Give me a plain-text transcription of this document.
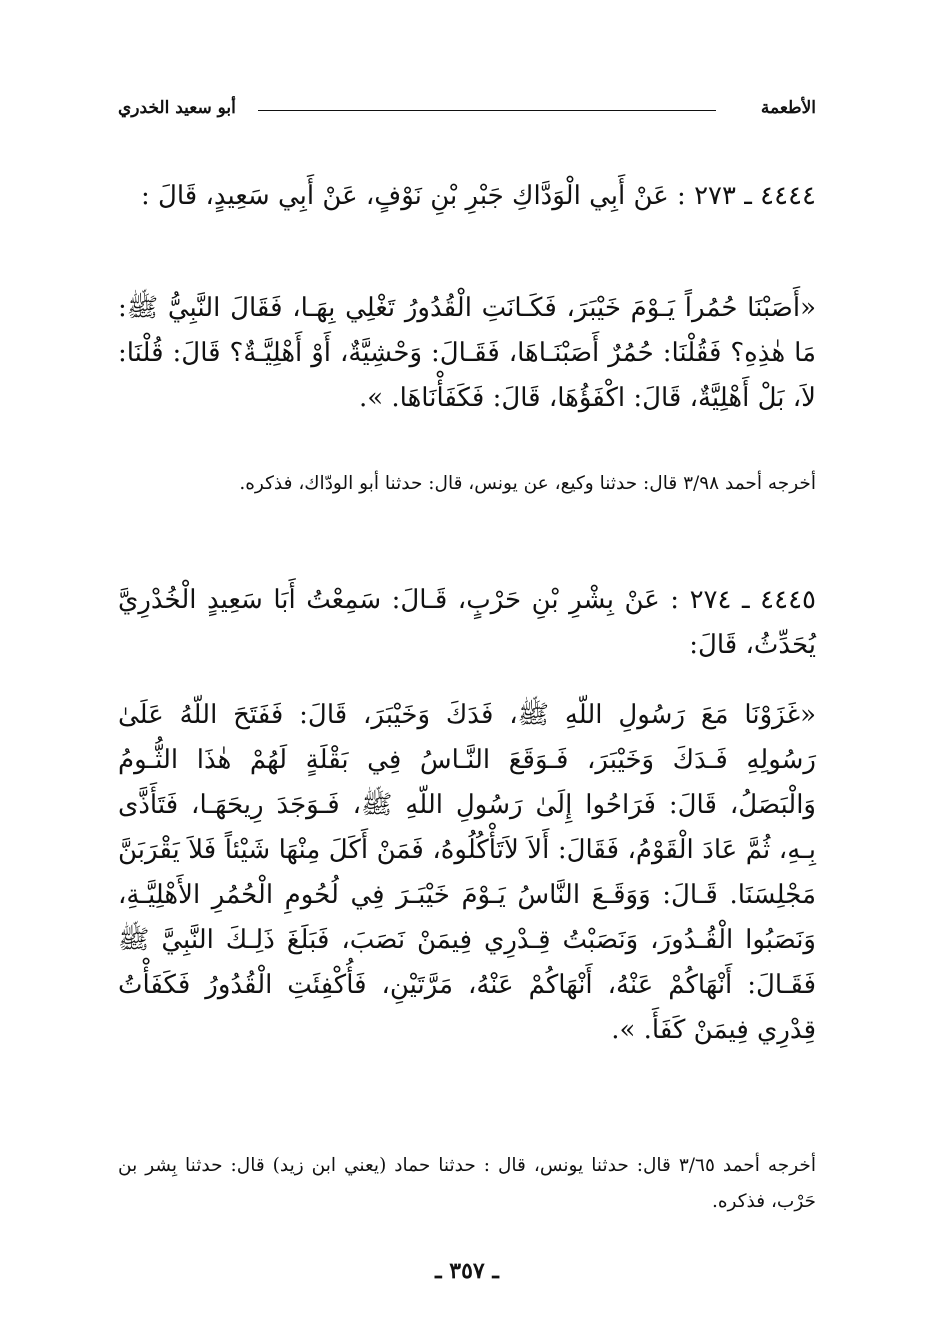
الأطعمة
أبو سعيد الخدري

٤٤٤٤ ـ ٢٧٣ : عَنْ أَبِي الْوَدَّاكِ جَبْرِ بْنِ نَوْفٍ، عَنْ أَبِي سَعِيدٍ، قَالَ :

«أَصَبْنَا حُمُراً يَـوْمَ خَيْبَرَ، فَكَـانَتِ الْقُدُورُ تَغْلِي بِهَـا، فَقَالَ النَّبِيُّ ﷺ: مَا هٰذِهِ؟ فَقُلْنَا: حُمُرٌ أَصَبْنَـاهَا، فَقَـالَ: وَحْشِيَّةٌ، أَوْ أَهْلِيَّـةٌ؟ قَالَ: قُلْنَا: لاَ، بَلْ أَهْلِيَّةٌ، قَالَ: اكْفَؤُهَا، قَالَ: فَكَفَأْنَاهَا. ».

أخرجه أحمد ٣/٩٨ قال: حدثنا وكيع، عن يونس، قال: حدثنا أبو الودّاك، فذكره.

٤٤٤٥ ـ ٢٧٤ : عَنْ بِشْرِ بْنِ حَرْبٍ، قَـالَ: سَمِعْتُ أَبَا سَعِيدٍ الْخُدْرِيَّ يُحَدِّثُ، قَالَ:

«غَزَوْنَا مَعَ رَسُولِ اللّهِ ﷺ، فَدَكَ وَخَيْبَرَ، قَالَ: فَفَتَحَ اللّهُ عَلَىٰ رَسُولِهِ فَـدَكَ وَخَيْبَرَ، فَـوَقَعَ النَّـاسُ فِي بَقْلَةٍ لَهُمْ هٰذَا الثُّـومُ وَالْبَصَلُ، قَالَ: فَرَاحُوا إِلَىٰ رَسُولِ اللّهِ ﷺ، فَـوَجَدَ رِيحَهَـا، فَتَأَذَّى بِـهِ، ثُمَّ عَادَ الْقَوْمُ، فَقَالَ: أَلاَ لاَتَأْكُلُوهُ، فَمَنْ أَكَلَ مِنْهَا شَيْئاً فَلاَ يَقْرَبَنَّ مَجْلِسَنَا. قَـالَ: وَوَقَـعَ النَّاسُ يَـوْمَ خَيْبَـرَ فِي لُحُومِ الْحُمُرِ الأَهْلِيَّـةِ، وَنَصَبُوا الْقُـدُورَ، وَنَصَبْتُ قِـدْرِي فِيمَنْ نَصَبَ، فَبَلَغَ ذَلِـكَ النَّبِيَّ ﷺ فَقَـالَ: أَنْهَاكُمْ عَنْهُ، أَنْهَاكُمْ عَنْهُ، مَرَّتَيْنِ، فَأُكْفِئَتِ الْقُدُورُ فَكَفَأْتُ قِدْرِي فِيمَنْ كَفَأَ. ».

أخرجه أحمد ٣/٦٥ قال: حدثنا يونس، قال : حدثنا حماد (يعني ابن زيد) قال: حدثنا بِشر بن حَرْب، فذكره.

ـ ٣٥٧ ـ
